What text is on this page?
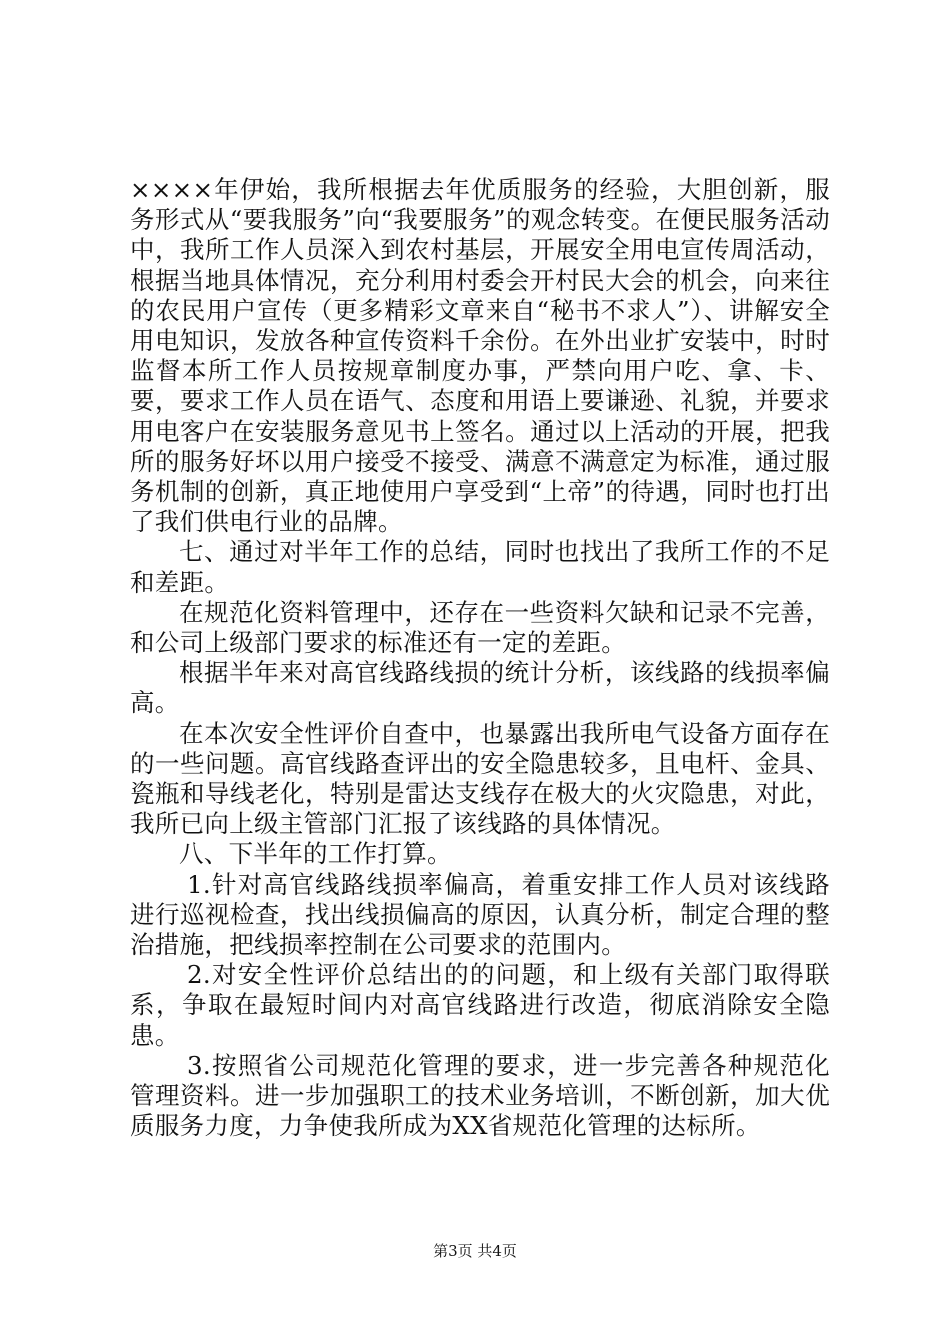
××××年伊始，我所根据去年优质服务的经验，大胆创新，服务形式从“要我服务”向“我要服务”的观念转变。在便民服务活动中，我所工作人员深入到农村基层，开展安全用电宣传周活动，根据当地具体情况，充分利用村委会开村民大会的机会，向来往的农民用户宣传（更多精彩文章来自“秘书不求人”）、讲解安全用电知识，发放各种宣传资料千余份。在外出业扩安装中，时时监督本所工作人员按规章制度办事，严禁向用户吃、拿、卡、要，要求工作人员在语气、态度和用语上要谦逊、礼貌，并要求用电客户在安装服务意见书上签名。通过以上活动的开展，把我所的服务好坏以用户接受不接受、满意不满意定为标准，通过服务机制的创新，真正地使用户享受到“上帝”的待遇，同时也打出了我们供电行业的品牌。

七、通过对半年工作的总结，同时也找出了我所工作的不足和差距。

在规范化资料管理中，还存在一些资料欠缺和记录不完善，和公司上级部门要求的标准还有一定的差距。

根据半年来对高官线路线损的统计分析，该线路的线损率偏高。

在本次安全性评价自查中，也暴露出我所电气设备方面存在的一些问题。高官线路查评出的安全隐患较多，且电杆、金具、瓷瓶和导线老化，特别是雷达支线存在极大的火灾隐患，对此，我所已向上级主管部门汇报了该线路的具体情况。

八、下半年的工作打算。

1.针对高官线路线损率偏高，着重安排工作人员对该线路进行巡视检查，找出线损偏高的原因，认真分析，制定合理的整治措施，把线损率控制在公司要求的范围内。

2.对安全性评价总结出的的问题，和上级有关部门取得联系，争取在最短时间内对高官线路进行改造，彻底消除安全隐患。

3.按照省公司规范化管理的要求，进一步完善各种规范化管理资料。进一步加强职工的技术业务培训，不断创新，加大优质服务力度，力争使我所成为XX省规范化管理的达标所。

第3页 共4页
